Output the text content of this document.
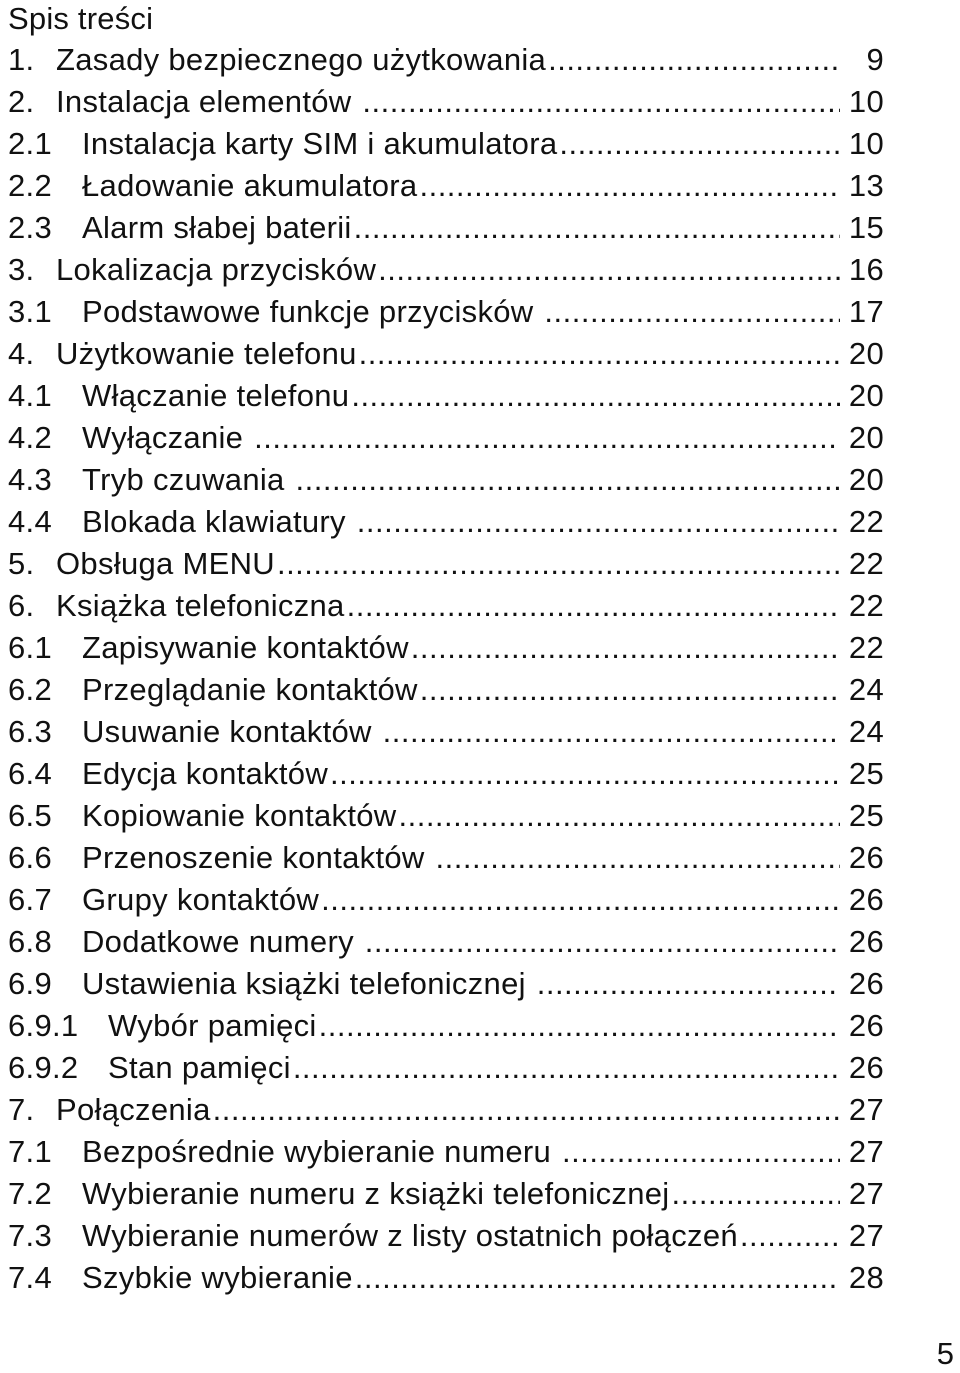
Spis treści
1. Zasady bezpiecznego użytkowania .....	9
2. Instalacja elementów .....	10
2.1 Instalacja karty SIM i akumulatora .....	10
2.2 Ładowanie akumulatora .....	13
2.3 Alarm słabej baterii .....	15
3. Lokalizacja przycisków .....	16
3.1 Podstawowe funkcje przycisków .....	17
4. Użytkowanie telefonu .....	20
4.1 Włączanie telefonu .....	20
4.2 Wyłączanie .....	20
4.3 Tryb czuwania .....	20
4.4 Blokada klawiatury .....	22
5. Obsługa MENU .....	22
6. Książka telefoniczna .....	22
6.1 Zapisywanie kontaktów .....	22
6.2 Przeglądanie kontaktów .....	24
6.3 Usuwanie kontaktów .....	24
6.4 Edycja kontaktów .....	25
6.5 Kopiowanie kontaktów .....	25
6.6 Przenoszenie kontaktów .....	26
6.7 Grupy kontaktów .....	26
6.8 Dodatkowe numery .....	26
6.9 Ustawienia książki telefonicznej .....	26
6.9.1 Wybór pamięci .....	26
6.9.2 Stan pamięci .....	26
7. Połączenia .....	27
7.1 Bezpośrednie wybieranie numeru .....	27
7.2 Wybieranie numeru z książki telefonicznej .....	27
7.3 Wybieranie numerów z listy ostatnich połączeń .....	27
7.4 Szybkie wybieranie .....	28
5
